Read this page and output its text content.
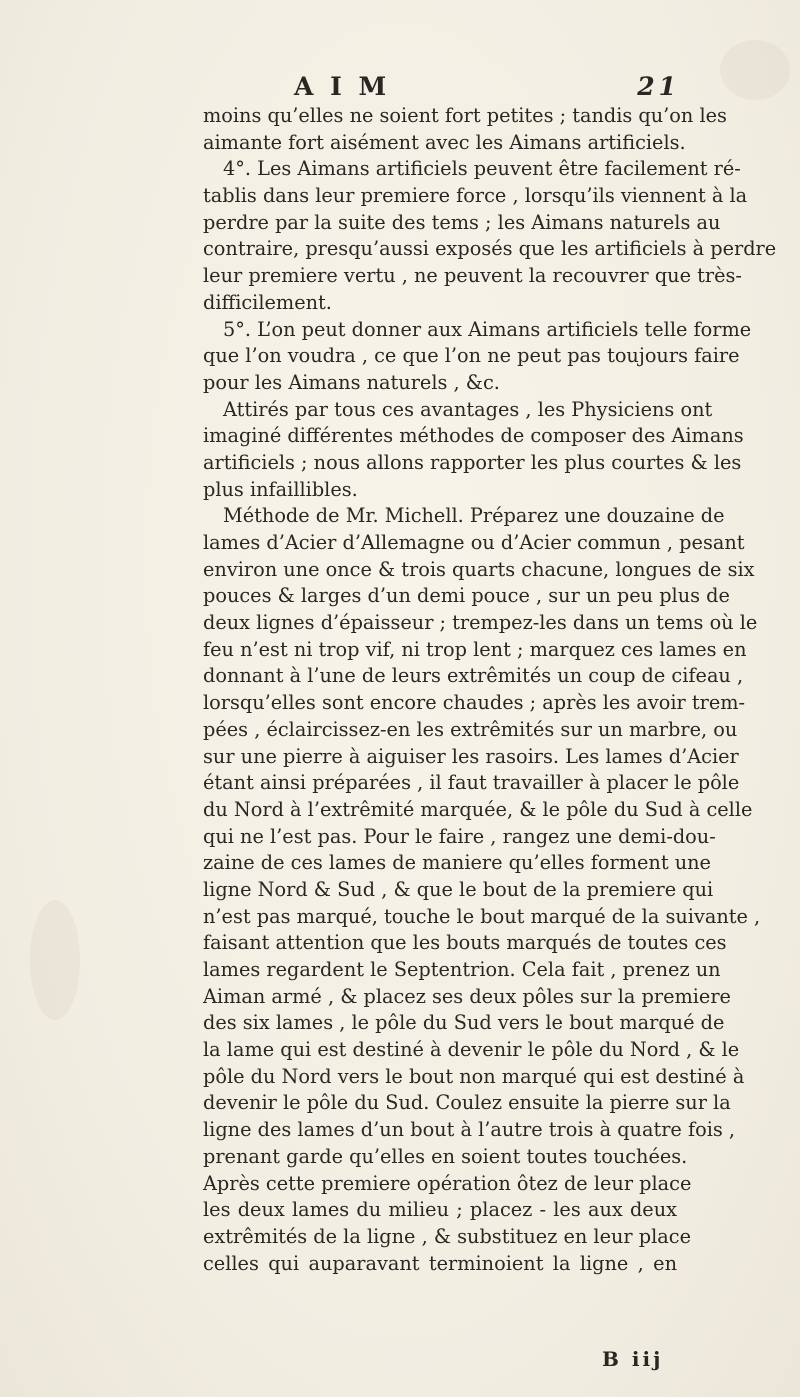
A I M	21
moins qu’elles ne soient fort petites ; tandis qu’on les
aimante fort aisément avec les Aimans artificiels.
4°. Les Aimans artificiels peuvent être facilement ré-
tablis dans leur premiere force , lorsqu’ils viennent à la
perdre par la suite des tems ; les Aimans naturels au
contraire, presqu’aussi exposés que les artificiels à perdre
leur premiere vertu , ne peuvent la recouvrer que très-
difficilement.
5°. L’on peut donner aux Aimans artificiels telle forme
que l’on voudra , ce que l’on ne peut pas toujours faire
pour les Aimans naturels , &c.
Attirés par tous ces avantages , les Physiciens ont
imaginé différentes méthodes de composer des Aimans
artificiels ; nous allons rapporter les plus courtes & les
plus infaillibles.
Méthode de Mr. Michell. Préparez une douzaine de
lames d’Acier d’Allemagne ou d’Acier commun , pesant
environ une once & trois quarts chacune, longues de six
pouces & larges d’un demi pouce , sur un peu plus de
deux lignes d’épaisseur ; trempez-les dans un tems où le
feu n’est ni trop vif, ni trop lent ; marquez ces lames en
donnant à l’une de leurs extrêmités un coup de cifeau ,
lorsqu’elles sont encore chaudes ; après les avoir trem-
pées , éclaircissez-en les extrêmités sur un marbre, ou
sur une pierre à aiguiser les rasoirs. Les lames d’Acier
étant ainsi préparées , il faut travailler à placer le pôle
du Nord à l’extrêmité marquée, & le pôle du Sud à celle
qui ne l’est pas. Pour le faire , rangez une demi-dou-
zaine de ces lames de maniere qu’elles forment une
ligne Nord & Sud , & que le bout de la premiere qui
n’est pas marqué, touche le bout marqué de la suivante ,
faisant attention que les bouts marqués de toutes ces
lames regardent le Septentrion. Cela fait , prenez un
Aiman armé , & placez ses deux pôles sur la premiere
des six lames , le pôle du Sud vers le bout marqué de
la lame qui est destiné à devenir le pôle du Nord , & le
pôle du Nord vers le bout non marqué qui est destiné à
devenir le pôle du Sud. Coulez ensuite la pierre sur la
ligne des lames d’un bout à l’autre trois à quatre fois ,
prenant garde qu’elles en soient toutes touchées.
Après cette premiere opération ôtez de leur place
les deux lames du milieu ; placez - les aux deux
extrêmités de la ligne , & substituez en leur place
celles qui auparavant terminoient la ligne , en
B iij
